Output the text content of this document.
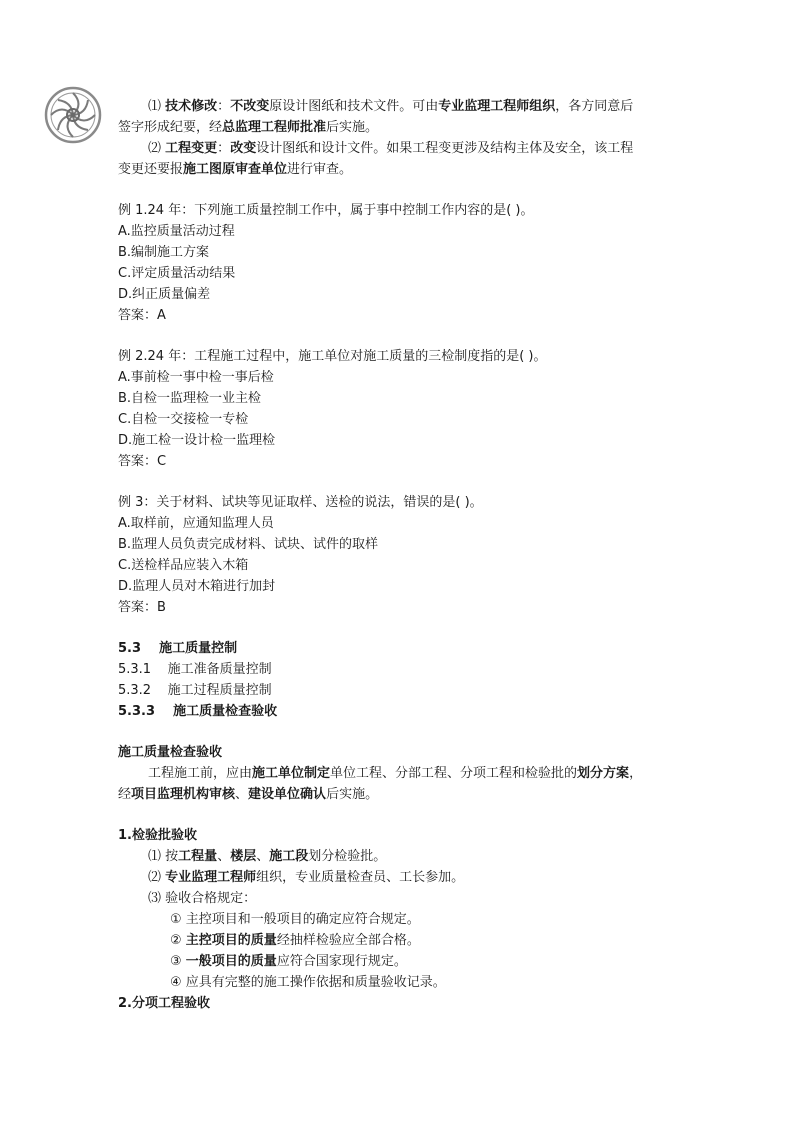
⑴ 技术修改：不改变原设计图纸和技术文件。可由专业监理工程师组织，各方同意后
签字形成纪要，经总监理工程师批准后实施。
⑵ 工程变更：改变设计图纸和设计文件。如果工程变更涉及结构主体及安全，该工程
变更还要报施工图原审查单位进行审查。
例 1.24 年：下列施工质量控制工作中，属于事中控制工作内容的是( )。
A.监控质量活动过程
B.编制施工方案
C.评定质量活动结果
D.纠正质量偏差
答案：A
例 2.24 年：工程施工过程中，施工单位对施工质量的三检制度指的是( )。
A.事前检一事中检一事后检
B.自检一监理检一业主检
C.自检一交接检一专检
D.施工检一设计检一监理检
答案：C
例 3：关于材料、试块等见证取样、送检的说法，错误的是( )。
A.取样前，应通知监理人员
B.监理人员负责完成材料、试块、试件的取样
C.送检样品应装入木箱
D.监理人员对木箱进行加封
答案：B
5.3    施工质量控制
5.3.1    施工准备质量控制
5.3.2    施工过程质量控制
5.3.3    施工质量检查验收
施工质量检查验收
工程施工前，应由施工单位制定单位工程、分部工程、分项工程和检验批的划分方案，
经项目监理机构审核、建设单位确认后实施。
1.检验批验收
⑴ 按工程量、楼层、施工段划分检验批。
⑵ 专业监理工程师组织，专业质量检查员、工长参加。
⑶ 验收合格规定：
① 主控项目和一般项目的确定应符合规定。
② 主控项目的质量经抽样检验应全部合格。
③ 一般项目的质量应符合国家现行规定。
④ 应具有完整的施工操作依据和质量验收记录。
2.分项工程验收
